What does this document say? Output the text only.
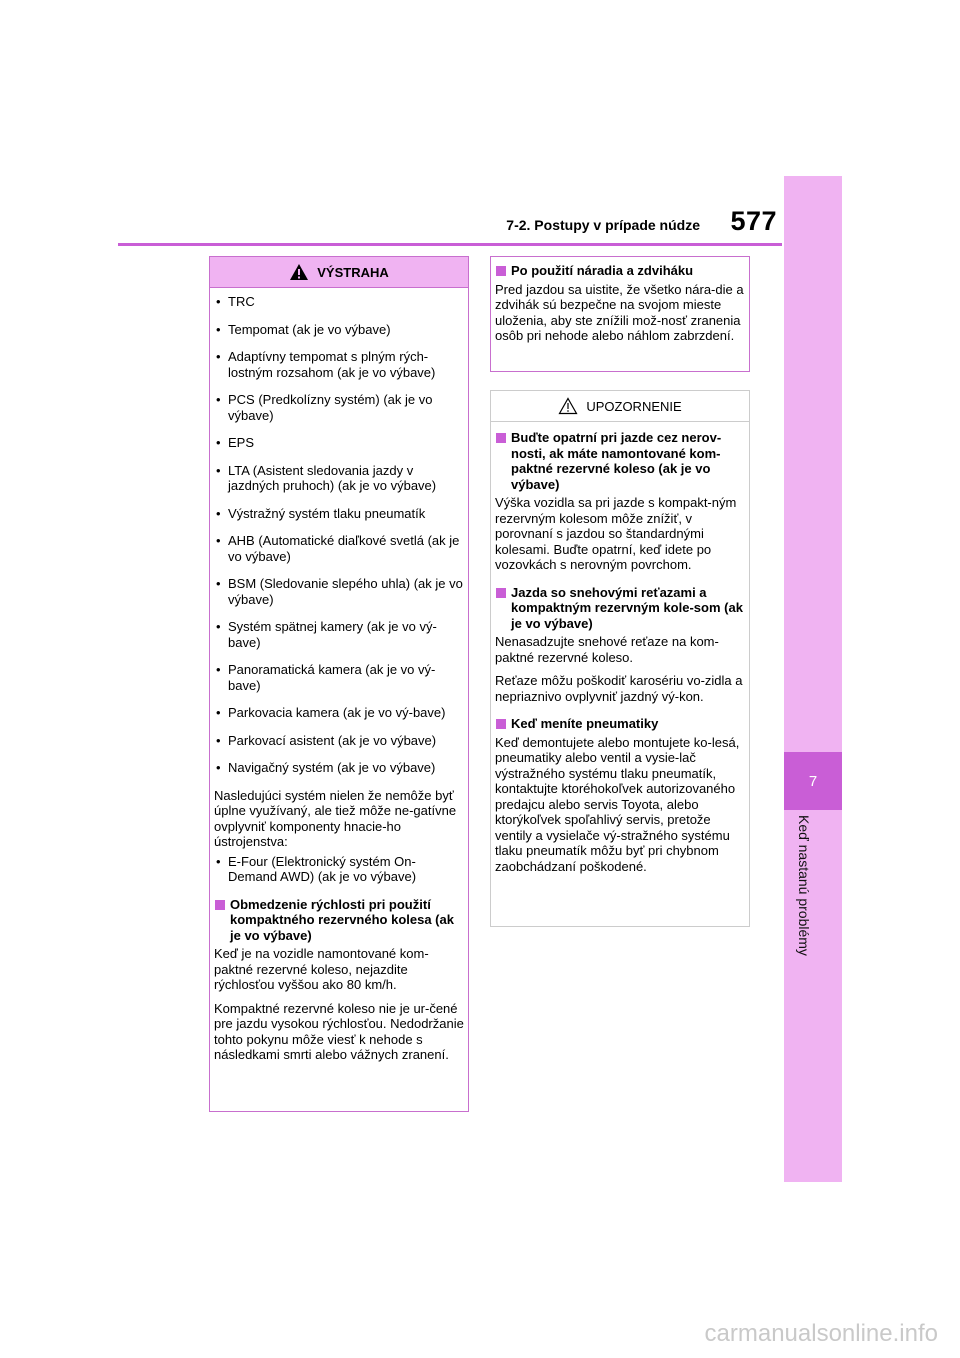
7
Keď nastanú problémy
7-2. Postupy v prípade núdze	577
VÝSTRAHA
• TRC
• Tempomat (ak je vo výbave)
• Adaptívny tempomat s plným rých-lostným rozsahom (ak je vo výbave)
• PCS (Predkolízny systém) (ak je vo výbave)
• EPS
• LTA (Asistent sledovania jazdy v jazdných pruhoch) (ak je vo výbave)
• Výstražný systém tlaku pneumatík
• AHB (Automatické diaľkové svetlá (ak je vo výbave)
• BSM (Sledovanie slepého uhla) (ak je vo výbave)
• Systém spätnej kamery (ak je vo vý-bave)
• Panoramatická kamera (ak je vo vý-bave)
• Parkovacia kamera (ak je vo vý-bave)
• Parkovací asistent (ak je vo výbave)
• Navigačný systém (ak je vo výbave)

Nasledujúci systém nielen že nemôže byť úplne využívaný, ale tiež môže ne-gatívne ovplyvniť komponenty hnacie-ho ústrojenstva:

• E-Four (Elektronický systém On-Demand AWD) (ak je vo výbave)
Obmedzenie rýchlosti pri použití kompaktného rezervného kolesa (ak je vo výbave)

Keď je na vozidle namontované kom-paktné rezervné koleso, nejazdite rýchlosťou vyššou ako 80 km/h.

Kompaktné rezervné koleso nie je ur-čené pre jazdu vysokou rýchlosťou. Nedodržanie tohto pokynu môže viesť k nehode s následkami smrti alebo vážnych zranení.

Po použití náradia a zdviháku

Pred jazdou sa uistite, že všetko nára-die a zdvihák sú bezpečne na svojom mieste uloženia, aby ste znížili mož-nosť zranenia osôb pri nehode alebo náhlom zabrzdení.

UPOZORNENIE
Buďte opatrní pri jazde cez nerov-nosti, ak máte namontované kom-paktné rezervné koleso (ak je vo výbave)

Výška vozidla sa pri jazde s kompakt-ným rezervným kolesom môže znížiť, v porovnaní s jazdou so štandardnými kolesami. Buďte opatrní, keď idete po vozovkách s nerovným povrchom.

Jazda so snehovými reťazami a kompaktným rezervným kole-som (ak je vo výbave)

Nenasadzujte snehové reťaze na kom-paktné rezervné koleso.

Reťaze môžu poškodiť karosériu vo-zidla a nepriaznivo ovplyvniť jazdný vý-kon.

Keď meníte pneumatiky

Keď demontujete alebo montujete ko-lesá, pneumatiky alebo ventil a vysie-lač výstražného systému tlaku pneumatík, kontaktujte ktoréhokoľvek autorizovaného predajcu alebo servis Toyota, alebo ktorýkoľvek spoľahlivý servis, pretože ventily a vysielače vý-stražného systému tlaku pneumatík môžu byť pri chybnom zaobchádzaní poškodené.

carmanualsonline.info
